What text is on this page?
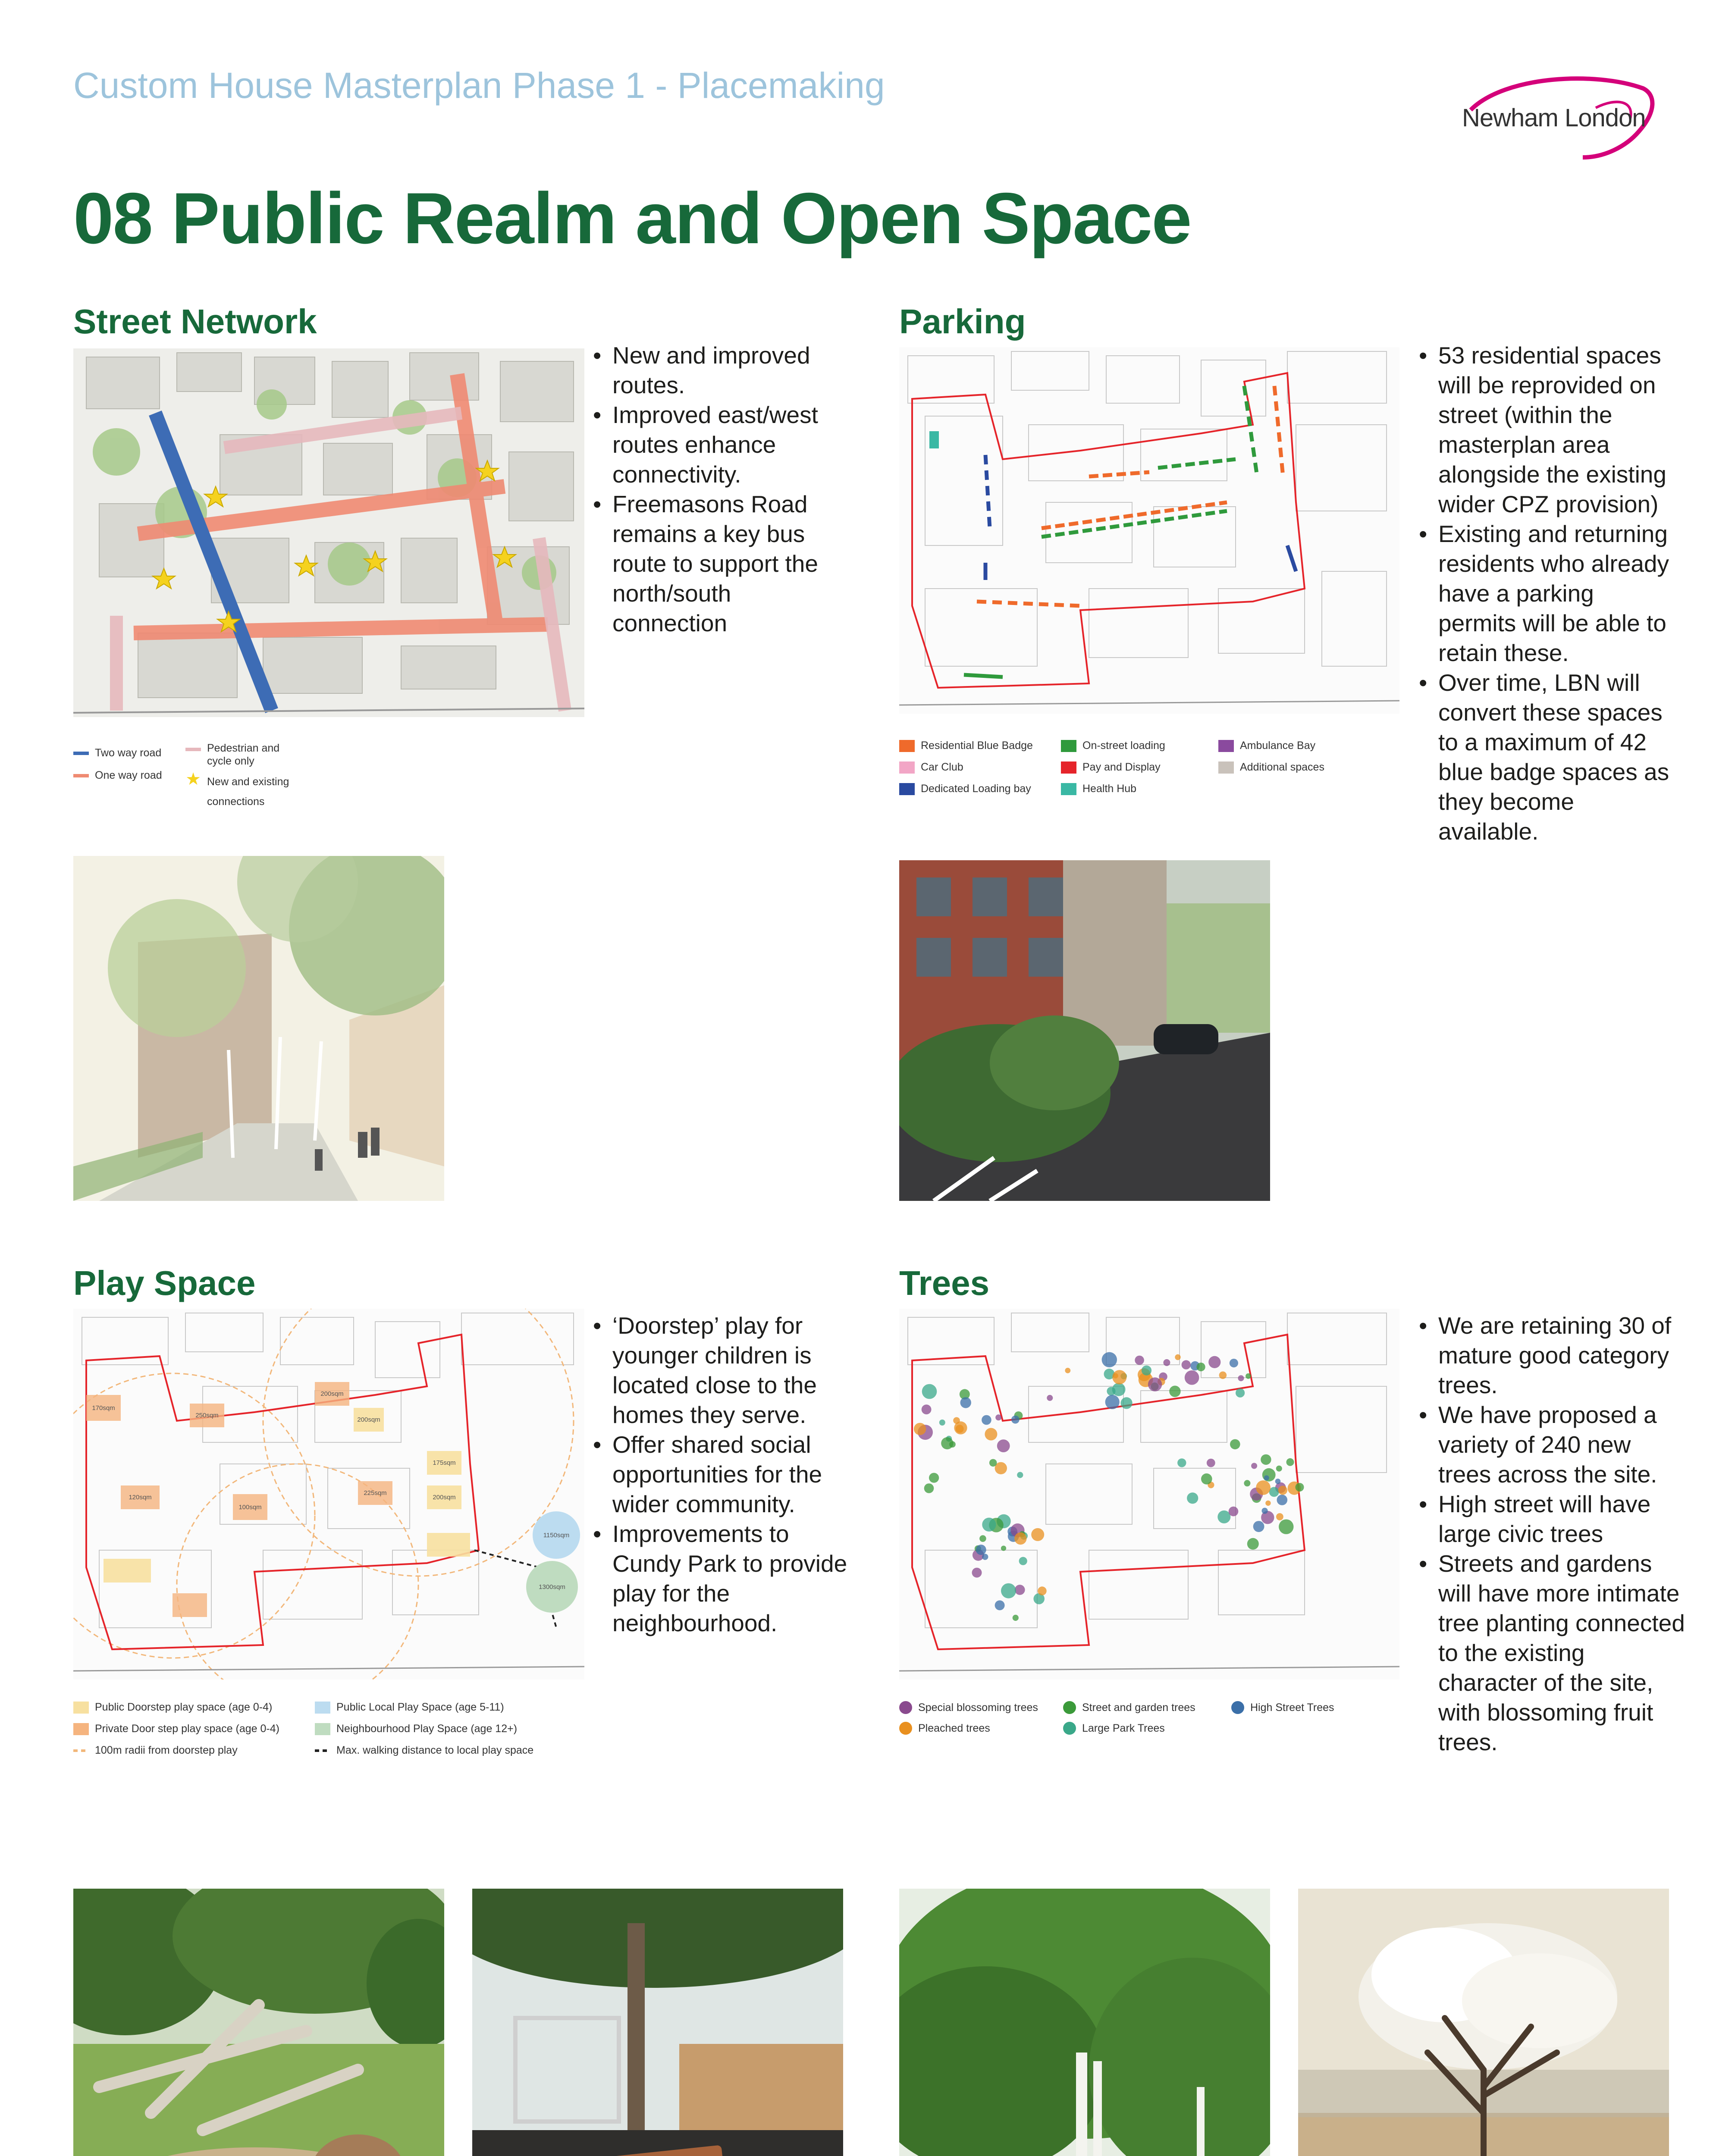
Custom House Masterplan Phase 1 - Placemaking
08 Public Realm and Open Space
Newham London
Street Network
Two way road
One way road
Pedestrian and cycle only
★ New and existing connections
• New and improved routes.
• Improved east/west routes enhance connectivity.
• Freemasons Road remains a key bus route to support the north/south connection
Parking
Residential Blue Badge	On-street loading	Ambulance Bay
Car Club	Pay and Display	Additional spaces
Dedicated Loading bay	Health Hub
• 53 residential spaces will be reprovided on street (within the masterplan area alongside the existing wider CPZ provision)
• Existing and returning residents who already have a parking permits will be able to retain these.
• Over time, LBN will convert these spaces to a maximum of 42 blue badge spaces as they become available.
Play Space
170sqm
250sqm
200sqm
200sqm
175sqm
120sqm
100sqm
225sqm
200sqm
1150sqm
1300sqm
Public Doorstep play space (age 0-4)	Public Local Play Space (age 5-11)
Private Door step play space (age 0-4)	Neighbourhood Play Space (age 12+)
100m radii from doorstep play	Max. walking distance to local play space
• ‘Doorstep’ play for younger children is located close to the homes they serve.
• Offer shared social opportunities for the wider community.
• Improvements to Cundy Park to provide play for the neighbourhood.
Trees
Special blossoming trees	Street and garden trees	High Street Trees
Pleached trees	Large Park Trees
• We are retaining 30 of mature good category trees.
• We have proposed a variety of 240 new trees across the site.
• High street will have large civic trees
• Streets and gardens will have more intimate tree planting connected to the existing character of the site, with blossoming fruit trees.
